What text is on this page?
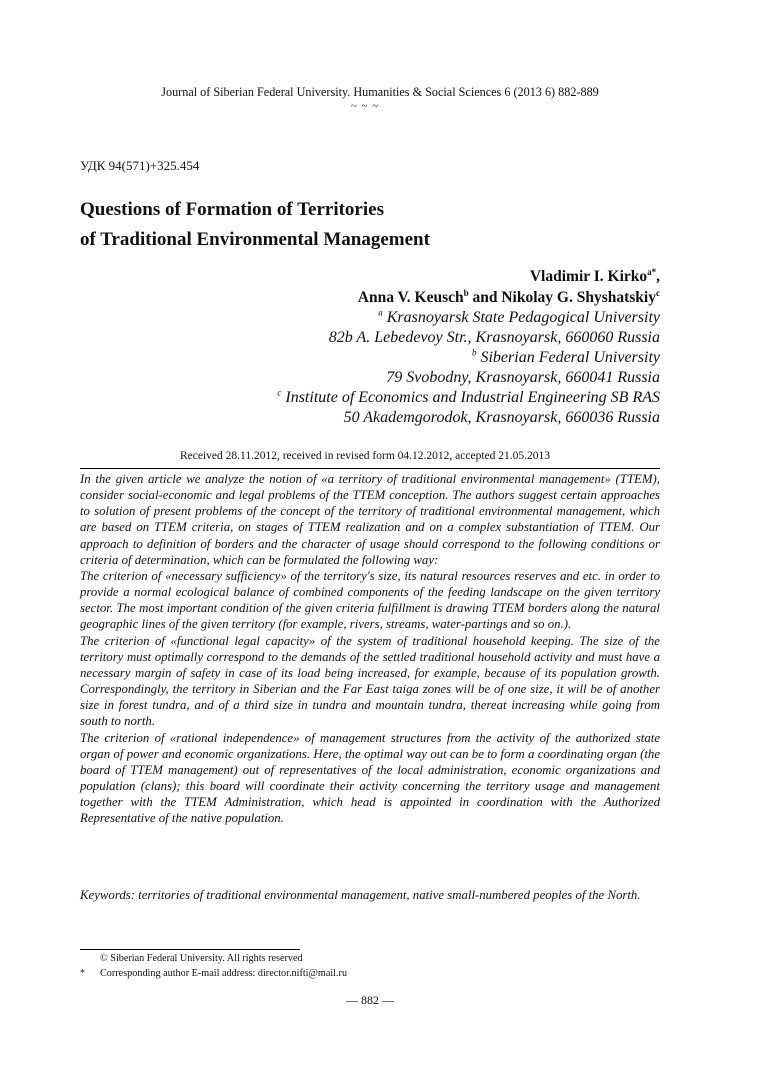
Journal of Siberian Federal University. Humanities & Social Sciences 6 (2013 6) 882-889
~ ~ ~
УДК 94(571)+325.454
Questions of Formation of Territories
of Traditional Environmental Management
Vladimir I. Kirko$^{a*}$,
Anna V. Keusch$^b$ and Nikolay G. Shyshatskiy$^c$
$^a$ Krasnoyarsk State Pedagogical University
82b A. Lebedevoy Str., Krasnoyarsk, 660060 Russia
$^b$ Siberian Federal University
79 Svobodny, Krasnoyarsk, 660041 Russia
$^c$ Institute of Economics and Industrial Engineering SB RAS
50 Akademgorodok, Krasnoyarsk, 660036 Russia
Received 28.11.2012, received in revised form 04.12.2012, accepted 21.05.2013

In the given article we analyze the notion of «a territory of traditional environmental management» (TTEM), consider social-economic and legal problems of the TTEM conception. The authors suggest certain approaches to solution of present problems of the concept of the territory of traditional environmental management, which are based on TTEM criteria, on stages of TTEM realization and on a complex substantiation of TTEM. Our approach to definition of borders and the character of usage should correspond to the following conditions or criteria of determination, which can be formulated the following way:

The criterion of «necessary sufficiency» of the territory's size, its natural resources reserves and etc. in order to provide a normal ecological balance of combined components of the feeding landscape on the given territory sector. The most important condition of the given criteria fulfillment is drawing TTEM borders along the natural geographic lines of the given territory (for example, rivers, streams, water-partings and so on.).

The criterion of «functional legal capacity» of the system of traditional household keeping. The size of the territory must optimally correspond to the demands of the settled traditional household activity and must have a necessary margin of safety in case of its load being increased, for example, because of its population growth. Correspondingly, the territory in Siberian and the Far East taiga zones will be of one size, it will be of another size in forest tundra, and of a third size in tundra and mountain tundra, thereat increasing while going from south to north.

The criterion of «rational independence» of management structures from the activity of the authorized state organ of power and economic organizations. Here, the optimal way out can be to form a coordinating organ (the board of TTEM management) out of representatives of the local administration, economic organizations and population (clans); this board will coordinate their activity concerning the territory usage and management together with the TTEM Administration, which head is appointed in coordination with the Authorized Representative of the native population.

Keywords: territories of traditional environmental management, native small-numbered peoples of the North.
© Siberian Federal University. All rights reserved
* Corresponding author E-mail address: director.nifti@mail.ru
— 882 —
